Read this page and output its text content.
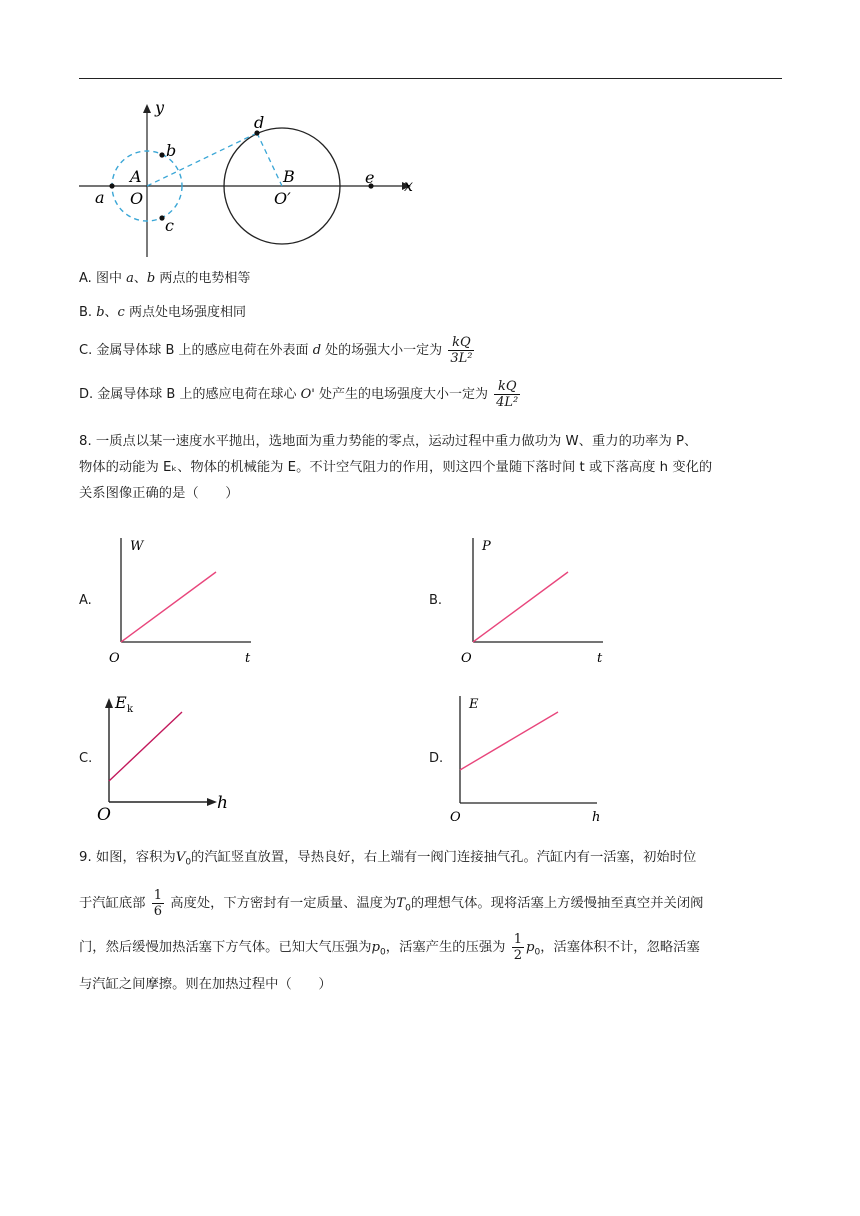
y
x
a
b
c
d
e
A	B
O	O′
A. 图中 a、b 两点的电势相等
B. b、c 两点处电场强度相同
C. 金属导体球 B 上的感应电荷在外表面 d 处的场强大小一定为 $\frac{kQ}{\text{3L²}}$
D. 金属导体球 B 上的感应电荷在球心 O' 处产生的电场强度大小一定为 $\frac{kQ}{\text{4L²}}$
8. 一质点以某一速度水平抛出，选地面为重力势能的零点，运动过程中重力做功为 W、重力的功率为 P、
物体的动能为 Eₖ、物体的机械能为 E。不计空气阻力的作用，则这四个量随下落时间 t 或下落高度 h 变化的
关系图像正确的是（　　）
A.
W
t
O
B.
P
t
O
C.
E k
h
O
D.
E
h
O
9. 如图，容积为$V_0$的汽缸竖直放置，导热良好，右上端有一阀门连接抽气孔。汽缸内有一活塞，初始时位
于汽缸底部 $\frac{1}{6}$ 高度处，下方密封有一定质量、温度为$T_0$的理想气体。现将活塞上方缓慢抽至真空并关闭阀
门，然后缓慢加热活塞下方气体。已知大气压强为$p_0$，活塞产生的压强为 $\frac{1}{2} p_0$，活塞体积不计，忽略活塞
与汽缸之间摩擦。则在加热过程中（　　）
